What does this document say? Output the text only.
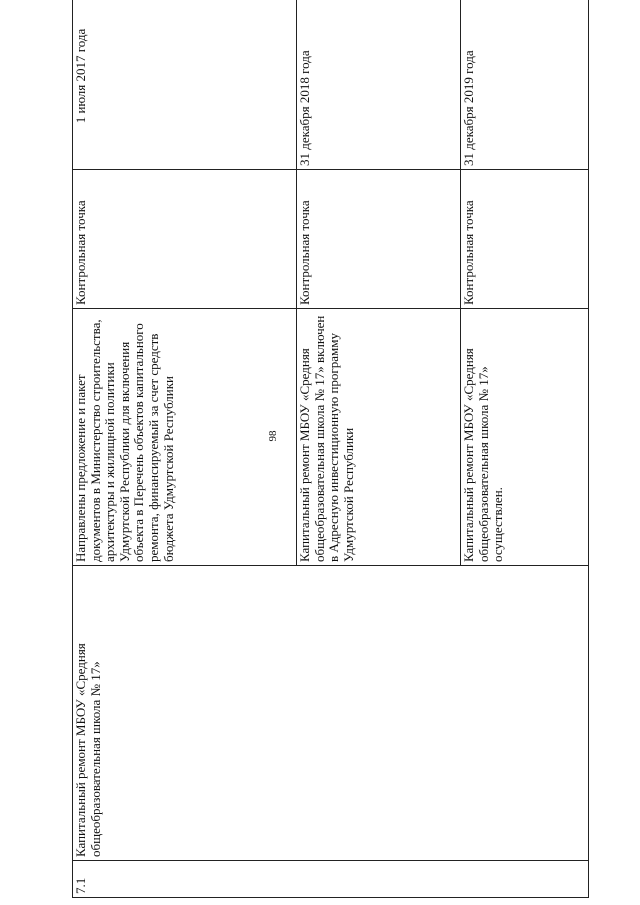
98
7.1	Капитальный ремонт МБОУ «Средняя общеобразовательная школа № 17»	Направлены предложение и пакет документов в Министерство строительства, архитектуры и жилищной политики Удмуртской Республики для включения объекта в Перечень объектов капитального ремонта, финансируемый за счет средств бюджета Удмуртской Республики	Контрольная точка	1 июля 2017 года
		Капитальный ремонт МБОУ «Средняя общеобразовательная школа № 17» включен в Адресную инвестиционную программу Удмуртской Республики	Контрольная точка	31 декабря 2018 года
		Капитальный ремонт МБОУ «Средняя общеобразовательная школа № 17» осуществлен.	Контрольная точка	31 декабря 2019 года
